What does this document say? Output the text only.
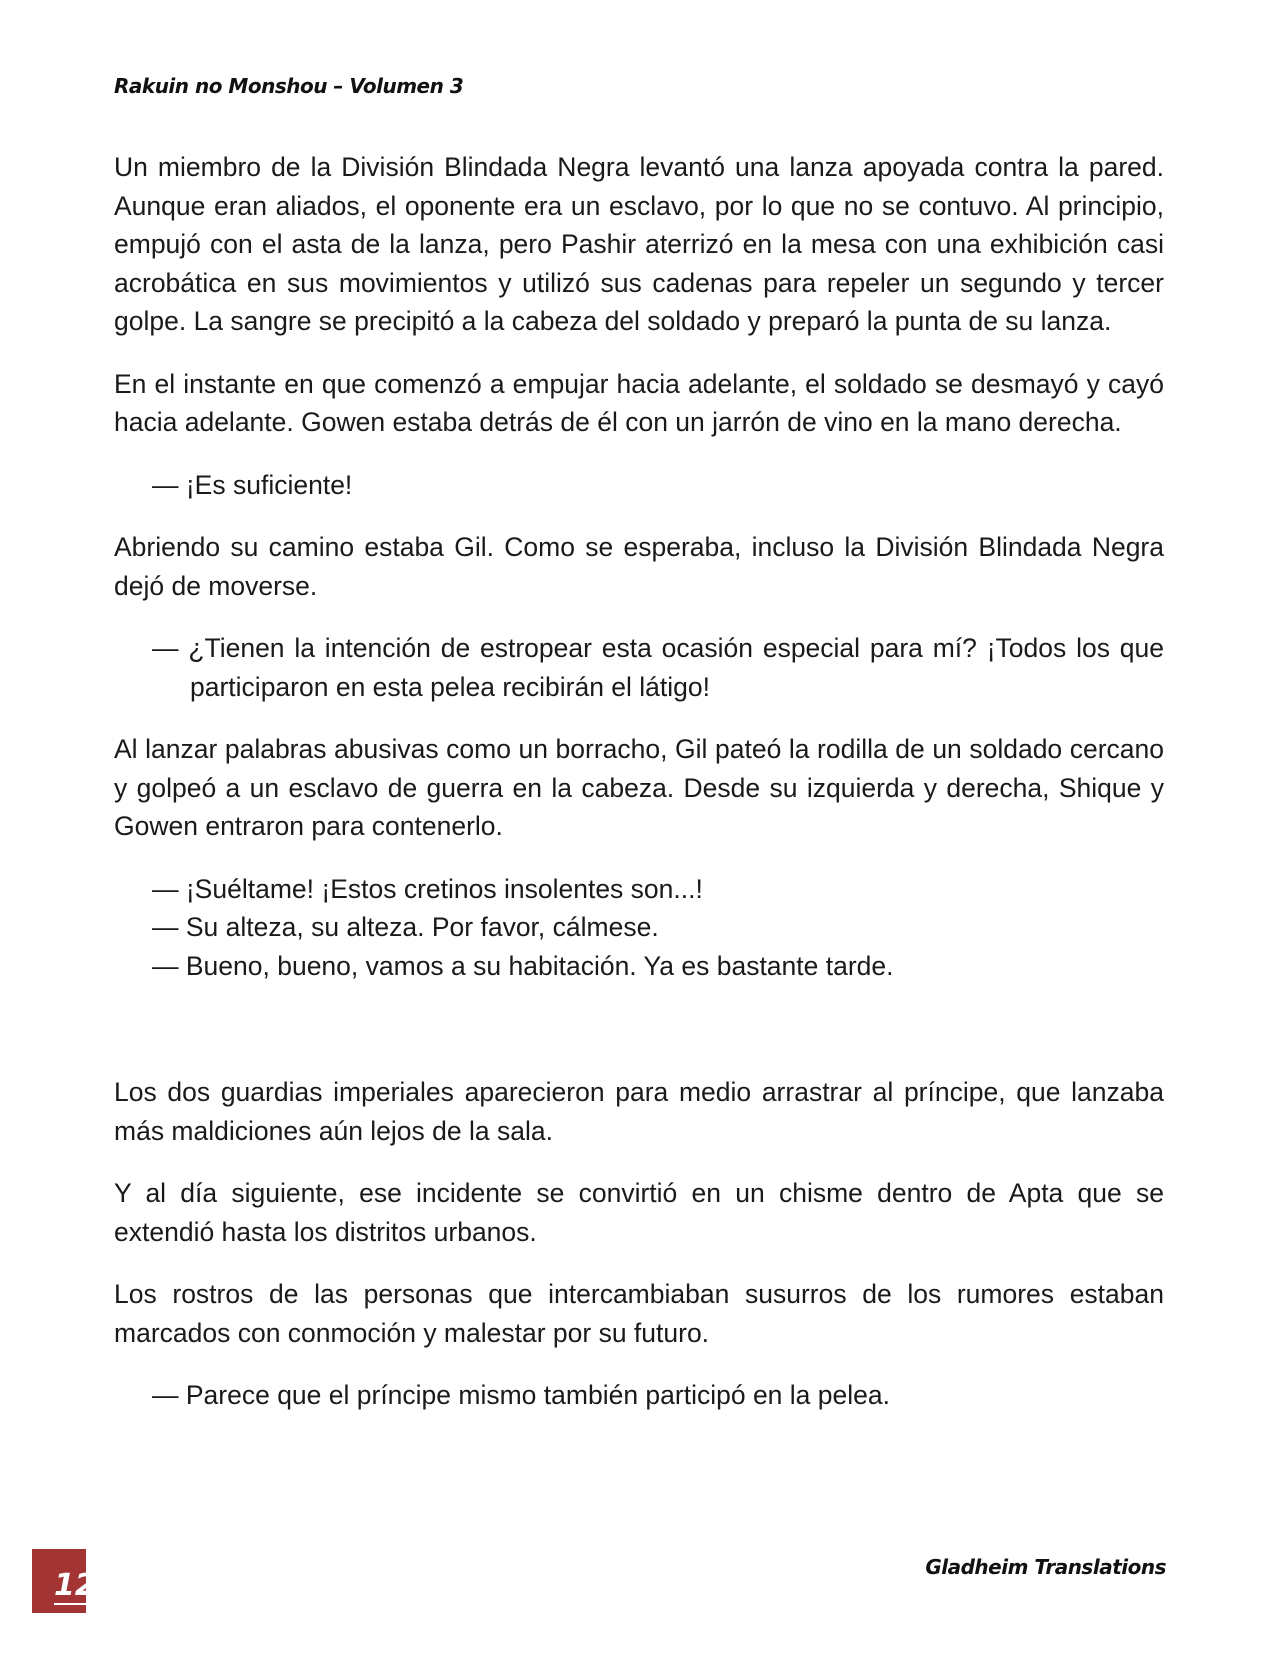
Rakuin no Monshou – Volumen 3

Un miembro de la División Blindada Negra levantó una lanza apoyada contra la pared. Aunque eran aliados, el oponente era un esclavo, por lo que no se contuvo. Al principio, empujó con el asta de la lanza, pero Pashir aterrizó en la mesa con una exhibición casi acrobática en sus movimientos y utilizó sus cadenas para repeler un segundo y tercer golpe. La sangre se precipitó a la cabeza del soldado y preparó la punta de su lanza.

En el instante en que comenzó a empujar hacia adelante, el soldado se desmayó y cayó hacia adelante. Gowen estaba detrás de él con un jarrón de vino en la mano derecha.

— ¡Es suficiente!

Abriendo su camino estaba Gil. Como se esperaba, incluso la División Blindada Negra dejó de moverse.

— ¿Tienen la intención de estropear esta ocasión especial para mí? ¡Todos los que participaron en esta pelea recibirán el látigo!

Al lanzar palabras abusivas como un borracho, Gil pateó la rodilla de un soldado cercano y golpeó a un esclavo de guerra en la cabeza. Desde su izquierda y derecha, Shique y Gowen entraron para contenerlo.

— ¡Suéltame! ¡Estos cretinos insolentes son...!

— Su alteza, su alteza. Por favor, cálmese.

— Bueno, bueno, vamos a su habitación. Ya es bastante tarde.

Los dos guardias imperiales aparecieron para medio arrastrar al príncipe, que lanzaba más maldiciones aún lejos de la sala.

Y al día siguiente, ese incidente se convirtió en un chisme dentro de Apta que se extendió hasta los distritos urbanos.

Los rostros de las personas que intercambiaban susurros de los rumores estaban marcados con conmoción y malestar por su futuro.

— Parece que el príncipe mismo también participó en la pelea.

12
Gladheim Translations
